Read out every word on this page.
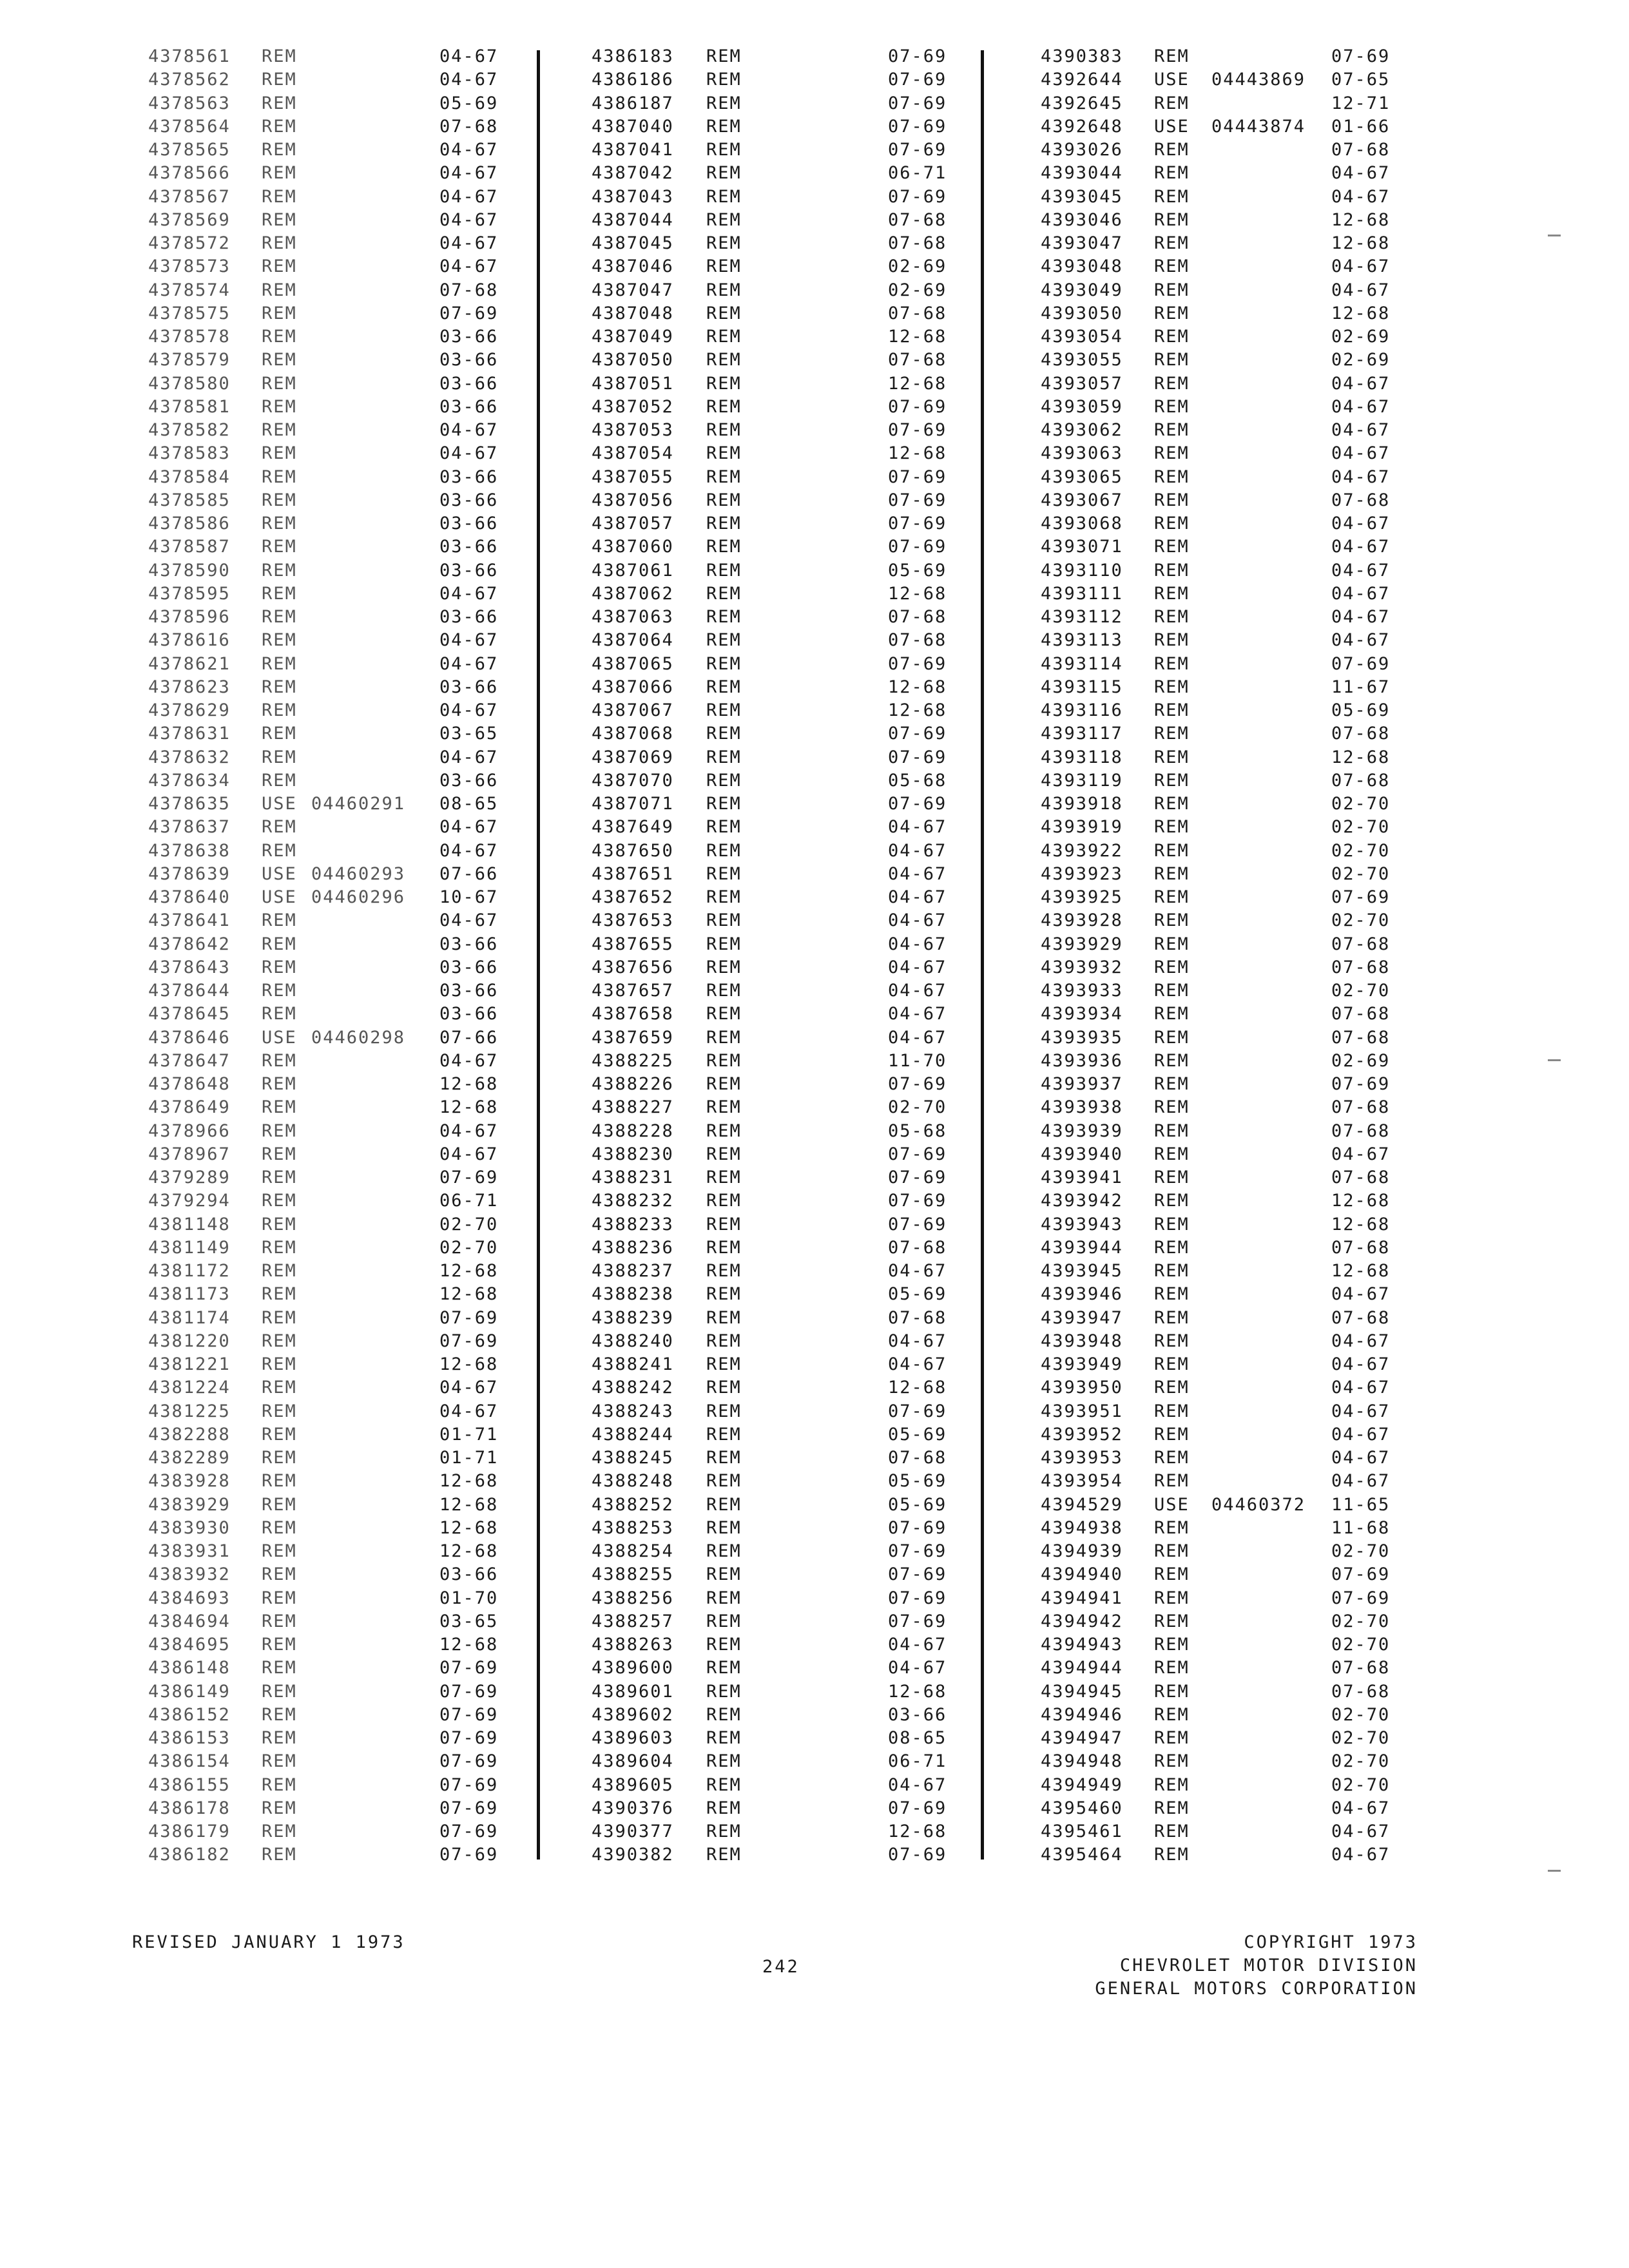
4378561 REM	04-67
4378562 REM	04-67
4378563 REM	05-69
4378564 REM	07-68
4378565 REM	04-67
4378566 REM	04-67
4378567 REM	04-67
4378569 REM	04-67
4378572 REM	04-67
4378573 REM	04-67
4378574 REM	07-68
4378575 REM	07-69
4378578 REM	03-66
4378579 REM	03-66
4378580 REM	03-66
4378581 REM	03-66
4378582 REM	04-67
4378583 REM	04-67
4378584 REM	03-66
4378585 REM	03-66
4378586 REM	03-66
4378587 REM	03-66
4378590 REM	03-66
4378595 REM	04-67
4378596 REM	03-66
4378616 REM	04-67
4378621 REM	04-67
4378623 REM	03-66
4378629 REM	04-67
4378631 REM	03-65
4378632 REM	04-67
4378634 REM	03-66
4378635 USE 04460291 08-65
4378637 REM	04-67
4378638 REM	04-67
4378639 USE 04460293 07-66
4378640 USE 04460296 10-67
4378641 REM	04-67
4378642 REM	03-66
4378643 REM	03-66
4378644 REM	03-66
4378645 REM	03-66
4378646 USE 04460298 07-66
4378647 REM	04-67
4378648 REM	12-68
4378649 REM	12-68
4378966 REM	04-67
4378967 REM	04-67
4379289 REM	07-69
4379294 REM	06-71
4381148 REM	02-70
4381149 REM	02-70
4381172 REM	12-68
4381173 REM	12-68
4381174 REM	07-69
4381220 REM	07-69
4381221 REM	12-68
4381224 REM	04-67
4381225 REM	04-67
4382288 REM	01-71
4382289 REM	01-71
4383928 REM	12-68
4383929 REM	12-68
4383930 REM	12-68
4383931 REM	12-68
4383932 REM	03-66
4384693 REM	01-70
4384694 REM	03-65
4384695 REM	12-68
4386148 REM	07-69
4386149 REM	07-69
4386152 REM	07-69
4386153 REM	07-69
4386154 REM	07-69
4386155 REM	07-69
4386178 REM	07-69
4386179 REM	07-69
4386182 REM	07-69
4386183 REM	07-69
4386186 REM	07-69
4386187 REM	07-69
4387040 REM	07-69
4387041 REM	07-69
4387042 REM	06-71
4387043 REM	07-69
4387044 REM	07-68
4387045 REM	07-68
4387046 REM	02-69
4387047 REM	02-69
4387048 REM	07-68
4387049 REM	12-68
4387050 REM	07-68
4387051 REM	12-68
4387052 REM	07-69
4387053 REM	07-69
4387054 REM	12-68
4387055 REM	07-69
4387056 REM	07-69
4387057 REM	07-69
4387060 REM	07-69
4387061 REM	05-69
4387062 REM	12-68
4387063 REM	07-68
4387064 REM	07-68
4387065 REM	07-69
4387066 REM	12-68
4387067 REM	12-68
4387068 REM	07-69
4387069 REM	07-69
4387070 REM	05-68
4387071 REM	07-69
4387649 REM	04-67
4387650 REM	04-67
4387651 REM	04-67
4387652 REM	04-67
4387653 REM	04-67
4387655 REM	04-67
4387656 REM	04-67
4387657 REM	04-67
4387658 REM	04-67
4387659 REM	04-67
4388225 REM	11-70
4388226 REM	07-69
4388227 REM	02-70
4388228 REM	05-68
4388230 REM	07-69
4388231 REM	07-69
4388232 REM	07-69
4388233 REM	07-69
4388236 REM	07-68
4388237 REM	04-67
4388238 REM	05-69
4388239 REM	07-68
4388240 REM	04-67
4388241 REM	04-67
4388242 REM	12-68
4388243 REM	07-69
4388244 REM	05-69
4388245 REM	07-68
4388248 REM	05-69
4388252 REM	05-69
4388253 REM	07-69
4388254 REM	07-69
4388255 REM	07-69
4388256 REM	07-69
4388257 REM	07-69
4388263 REM	04-67
4389600 REM	04-67
4389601 REM	12-68
4389602 REM	03-66
4389603 REM	08-65
4389604 REM	06-71
4389605 REM	04-67
4390376 REM	07-69
4390377 REM	12-68
4390382 REM	07-69
4390383 REM	07-69
4392644 USE 04443869 07-65
4392645 REM	12-71
4392648 USE 04443874 01-66
4393026 REM	07-68
4393044 REM	04-67
4393045 REM	04-67
4393046 REM	12-68
4393047 REM	12-68
4393048 REM	04-67
4393049 REM	04-67
4393050 REM	12-68
4393054 REM	02-69
4393055 REM	02-69
4393057 REM	04-67
4393059 REM	04-67
4393062 REM	04-67
4393063 REM	04-67
4393065 REM	04-67
4393067 REM	07-68
4393068 REM	04-67
4393071 REM	04-67
4393110 REM	04-67
4393111 REM	04-67
4393112 REM	04-67
4393113 REM	04-67
4393114 REM	07-69
4393115 REM	11-67
4393116 REM	05-69
4393117 REM	07-68
4393118 REM	12-68
4393119 REM	07-68
4393918 REM	02-70
4393919 REM	02-70
4393922 REM	02-70
4393923 REM	02-70
4393925 REM	07-69
4393928 REM	02-70
4393929 REM	07-68
4393932 REM	07-68
4393933 REM	02-70
4393934 REM	07-68
4393935 REM	07-68
4393936 REM	02-69
4393937 REM	07-69
4393938 REM	07-68
4393939 REM	07-68
4393940 REM	04-67
4393941 REM	07-68
4393942 REM	12-68
4393943 REM	12-68
4393944 REM	07-68
4393945 REM	12-68
4393946 REM	04-67
4393947 REM	07-68
4393948 REM	04-67
4393949 REM	04-67
4393950 REM	04-67
4393951 REM	04-67
4393952 REM	04-67
4393953 REM	04-67
4393954 REM	04-67
4394529 USE 04460372 11-65
4394938 REM	11-68
4394939 REM	02-70
4394940 REM	07-69
4394941 REM	07-69
4394942 REM	02-70
4394943 REM	02-70
4394944 REM	07-68
4394945 REM	07-68
4394946 REM	02-70
4394947 REM	02-70
4394948 REM	02-70
4394949 REM	02-70
4395460 REM	04-67
4395461 REM	04-67
4395464 REM	04-67
REVISED JANUARY 1 1973
242
COPYRIGHT 1973
CHEVROLET MOTOR DIVISION
GENERAL MOTORS CORPORATION
